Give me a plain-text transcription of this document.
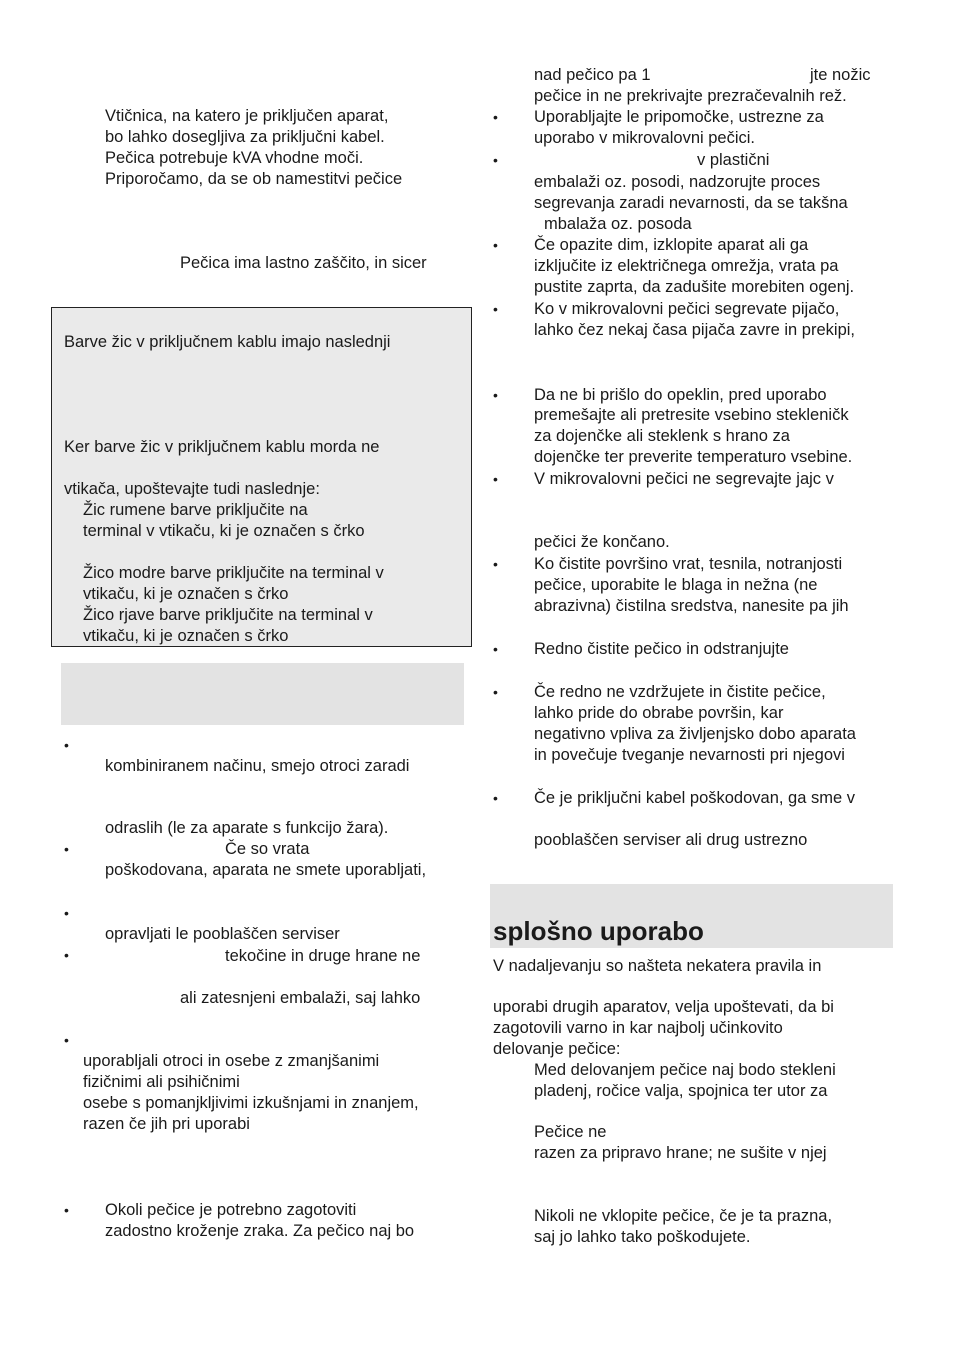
Vtičnica, na katero je priključen aparat,
bo lahko dosegljiva za priključni kabel.
Pečica potrebuje kVA vhodne moči.
Priporočamo, da se ob namestitvi pečice
Pečica ima lastno zaščito, in sicer
Barve žic v priključnem kablu imajo naslednji
Ker barve žic v priključnem kablu morda ne
vtikača, upoštevajte tudi naslednje:
Žic rumene barve priključite na
terminal v vtikaču, ki je označen s črko
Žico modre barve priključite na terminal v
vtikaču, ki je označen s črko
Žico rjave barve priključite na terminal v
vtikaču, ki je označen s črko
•
kombiniranem načinu, smejo otroci zaradi
odraslih (le za aparate s funkcijo žara).
•	Če so vrata
poškodovana, aparata ne smete uporabljati,
•
opravljati le pooblaščen serviser
•	tekočine in druge hrane ne
ali zatesnjeni embalaži, saj lahko
•
uporabljali otroci in osebe z zmanjšanimi
fizičnimi ali psihičnimi
osebe s pomanjkljivimi izkušnjami in znanjem,
razen če jih pri uporabi
• Okoli pečice je potrebno zagotoviti
zadostno kroženje zraka. Za pečico naj bo
nad pečico pa 1	jte nožic
pečice in ne prekrivajte prezračevalnih rež.
• Uporabljajte le pripomočke, ustrezne za
uporabo v mikrovalovni pečici.
•	v plastični
embalaži oz. posodi, nadzorujte proces
segrevanja zaradi nevarnosti, da se takšna
mbalaža oz. posoda
• Če opazite dim, izklopite aparat ali ga
izključite iz električnega omrežja, vrata pa
pustite zaprta, da zadušite morebiten ogenj.
• Ko v mikrovalovni pečici segrevate pijačo,
lahko čez nekaj časa pijača zavre in prekipi,
• Da ne bi prišlo do opeklin, pred uporabo
premešajte ali pretresite vsebino stekleničk
za dojenčke ali steklenk s hrano za
dojenčke ter preverite temperaturo vsebine.
• V mikrovalovni pečici ne segrevajte jajc v
pečici že končano.
• Ko čistite površino vrat, tesnila, notranjosti
pečice, uporabite le blaga in nežna (ne
abrazivna) čistilna sredstva, nanesite pa jih
• Redno čistite pečico in odstranjujte
• Če redno ne vzdržujete in čistite pečice,
lahko pride do obrabe površin, kar
negativno vpliva za življenjsko dobo aparata
in povečuje tveganje nevarnosti pri njegovi
• Če je priključni kabel poškodovan, ga sme v
pooblaščen serviser ali drug ustrezno
splošno uporabo
V nadaljevanju so našteta nekatera pravila in
uporabi drugih aparatov, velja upoštevati, da bi
zagotovili varno in kar najbolj učinkovito
delovanje pečice:
Med delovanjem pečice naj bodo stekleni
pladenj, ročice valja, spojnica ter utor za
Pečice ne
razen za pripravo hrane; ne sušite v njej
Nikoli ne vklopite pečice, če je ta prazna,
saj jo lahko tako poškodujete.
